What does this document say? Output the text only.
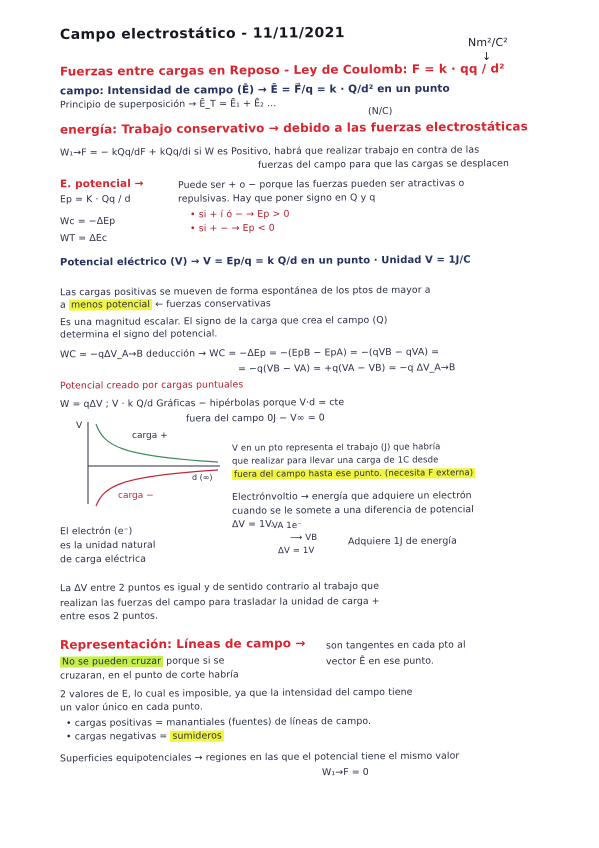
Campo electrostático - 11/11/2021	Nm²/C²
↓
Fuerzas entre cargas en Reposo - Ley de Coulomb: F = k · qq / d²
campo: Intensidad de campo (Ē) → Ē = F⃗/q = k · Q/d² en un punto
Principio de superposición → Ē_T = Ē₁ + Ē₂ ...
(N/C)
energía: Trabajo conservativo → debido a las fuerzas electrostáticas
W₁→F = − kQq/dF + kQq/di si W es Positivo, habrá que realizar trabajo en contra de las
fuerzas del campo para que las cargas se desplacen
E. potencial →	Puede ser + o − porque las fuerzas pueden ser atractivas o
repulsivas. Hay que poner signo en Q y q
Ep = K · Qq / d
• si + í ó − → Ep > 0
• si + − → Ep < 0
Wc = −ΔEp
WT = ΔEc
Potencial eléctrico (V) → V = Ep/q = k Q/d en un punto · Unidad V = 1J/C
Las cargas positivas se mueven de forma espontánea de los ptos de mayor a
a menos potencial ← fuerzas conservativas
Es una magnitud escalar. El signo de la carga que crea el campo (Q)
determina el signo del potencial.
WC = −qΔV_A→B deducción → WC = −ΔEp = −(EpB − EpA) = −(qVB − qVA) =
= −q(VB − VA) = +q(VA − VB) = −q ΔV_A→B
Potencial creado por cargas puntuales
W = qΔV ; V · k Q/d Gráficas − hipérbolas porque V·d = cte
fuera del campo 0J − V∞ = 0
V
carga +
carga −
d (∞)
V en un pto representa el trabajo (J) que habría
que realizar para llevar una carga de 1C desde
fuera del campo hasta ese punto. (necesita F externa)
Electrónvoltio → energía que adquiere un electrón
cuando se le somete a una diferencia de potencial
ΔV = 1V.
El electrón (e⁻)
es la unidad natural
de carga eléctrica
VA 1e⁻
⟶ VB
ΔV = 1V
Adquiere 1J de energía
La ΔV entre 2 puntos es igual y de sentido contrario al trabajo que
realizan las fuerzas del campo para trasladar la unidad de carga +
entre esos 2 puntos.
Representación: Líneas de campo → son tangentes en cada pto al
vector Ē en ese punto.
No se pueden cruzar porque si se
cruzaran, en el punto de corte habría
2 valores de E, lo cual es imposible, ya que la intensidad del campo tiene
un valor único en cada punto.
• cargas positivas = manantiales (fuentes) de líneas de campo.
• cargas negativas = sumideros
Superficies equipotenciales → regiones en las que el potencial tiene el mismo valor
W₁→F = 0
